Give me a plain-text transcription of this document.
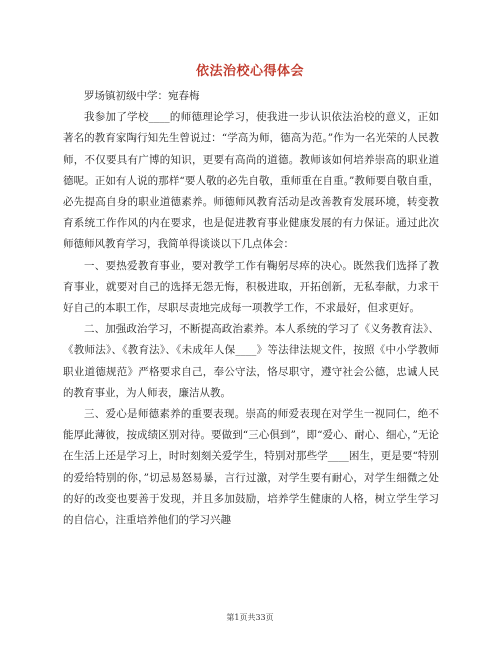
依法治校心得体会
罗场镇初级中学：宛春梅

我参加了学校____的师德理论学习，使我进一步认识依法治校的意义，正如著名的教育家陶行知先生曾说过：“学高为师，德高为范。”作为一名光荣的人民教师，不仅要具有广博的知识，更要有高尚的道德。教师该如何培养崇高的职业道德呢。正如有人说的那样“要人敬的必先自敬，重师重在自重。”教师要自敬自重，必先提高自身的职业道德素养。师德师风教育活动是改善教育发展环境，转变教育系统工作作风的内在要求，也是促进教育事业健康发展的有力保证。通过此次师德师风教育学习，我简单得谈谈以下几点体会：

一、要热爱教育事业，要对教学工作有鞠躬尽瘁的决心。既然我们选择了教育事业，就要对自己的选择无怨无悔，积极进取，开拓创新，无私奉献，力求干好自己的本职工作，尽职尽责地完成每一项教学工作，不求最好，但求更好。

二、加强政治学习，不断提高政治素养。本人系统的学习了《义务教育法》、《教师法》、《教育法》、《未成年人保____》等法律法规文件，按照《中小学教师职业道德规范》严格要求自己，奉公守法，恪尽职守，遵守社会公德，忠诚人民的教育事业，为人师表，廉洁从教。

三、爱心是师德素养的重要表现。崇高的师爱表现在对学生一视同仁，绝不能厚此薄彼，按成绩区别对待。要做到“三心俱到”，即“爱心、耐心、细心，”无论在生活上还是学习上，时时刻刻关爱学生，特别对那些学____困生，更是要“特别的爱给特别的你，”切忌易怒易暴，言行过激，对学生要有耐心，对学生细微之处的好的改变也要善于发现，并且多加鼓励，培养学生健康的人格，树立学生学习的自信心，注重培养他们的学习兴趣

第1页共33页
